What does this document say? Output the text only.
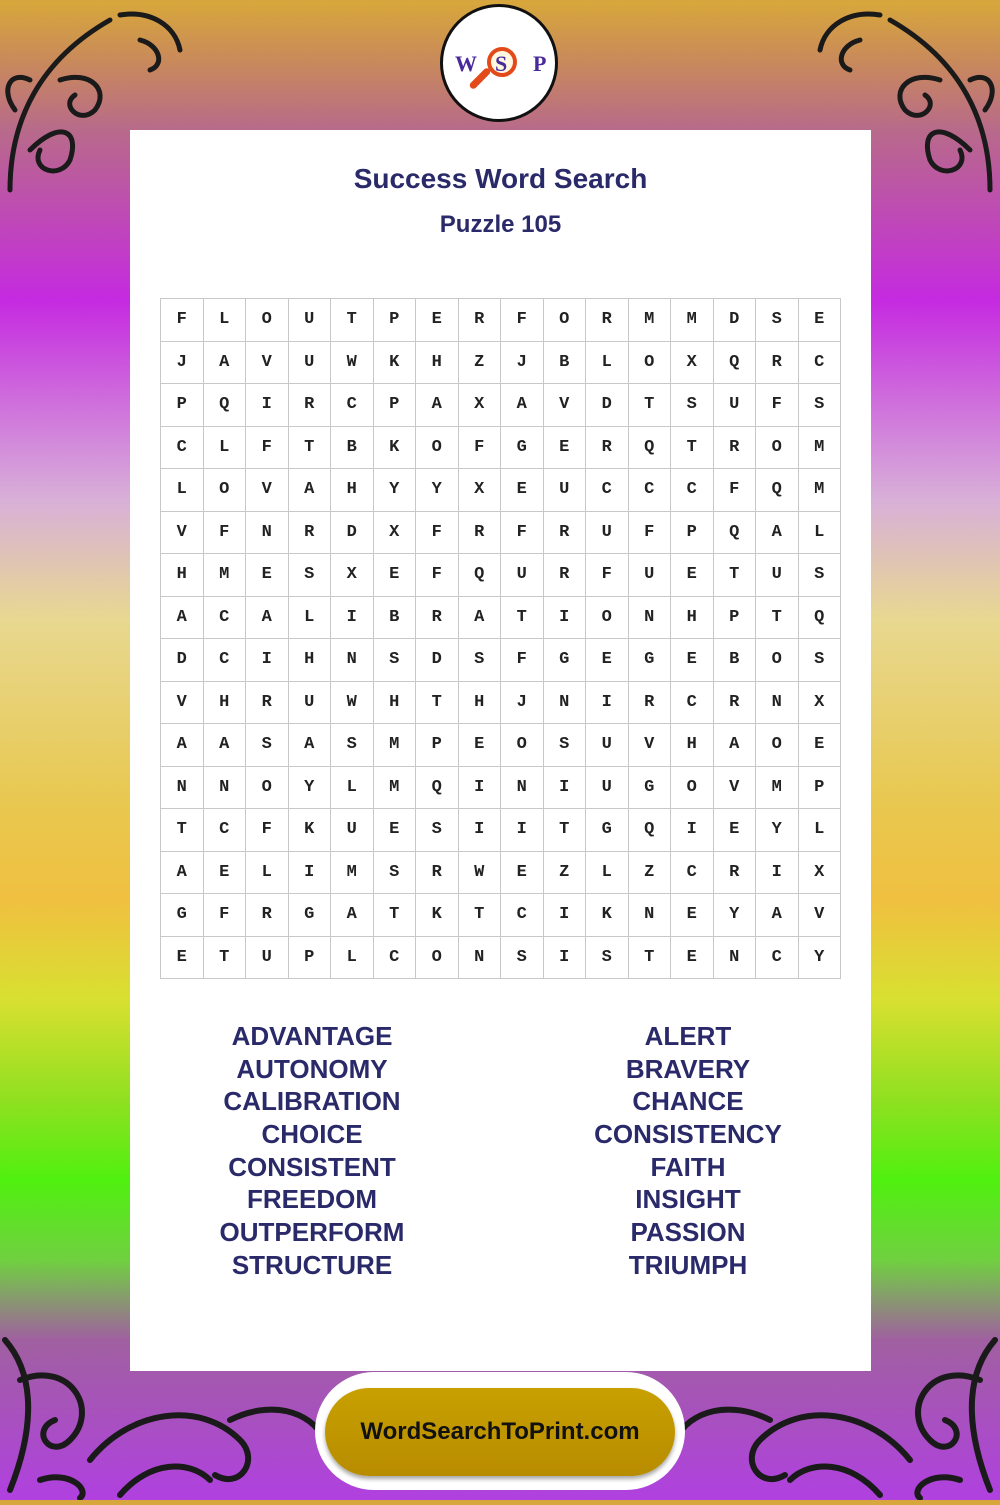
W S P
Success Word Search
Puzzle 105
F	L	O	U	T	P	E	R	F	O	R	M	M	D	S	E
J	A	V	U	W	K	H	Z	J	B	L	O	X	Q	R	C
P	Q	I	R	C	P	A	X	A	V	D	T	S	U	F	S
C	L	F	T	B	K	O	F	G	E	R	Q	T	R	O	M
L	O	V	A	H	Y	Y	X	E	U	C	C	C	F	Q	M
V	F	N	R	D	X	F	R	F	R	U	F	P	Q	A	L
H	M	E	S	X	E	F	Q	U	R	F	U	E	T	U	S
A	C	A	L	I	B	R	A	T	I	O	N	H	P	T	Q
D	C	I	H	N	S	D	S	F	G	E	G	E	B	O	S
V	H	R	U	W	H	T	H	J	N	I	R	C	R	N	X
A	A	S	A	S	M	P	E	O	S	U	V	H	A	O	E
N	N	O	Y	L	M	Q	I	N	I	U	G	O	V	M	P
T	C	F	K	U	E	S	I	I	T	G	Q	I	E	Y	L
A	E	L	I	M	S	R	W	E	Z	L	Z	C	R	I	X
G	F	R	G	A	T	K	T	C	I	K	N	E	Y	A	V
E	T	U	P	L	C	O	N	S	I	S	T	E	N	C	Y
ADVANTAGE
AUTONOMY
CALIBRATION
CHOICE
CONSISTENT
FREEDOM
OUTPERFORM
STRUCTURE
ALERT
BRAVERY
CHANCE
CONSISTENCY
FAITH
INSIGHT
PASSION
TRIUMPH
WordSearchToPrint.com
